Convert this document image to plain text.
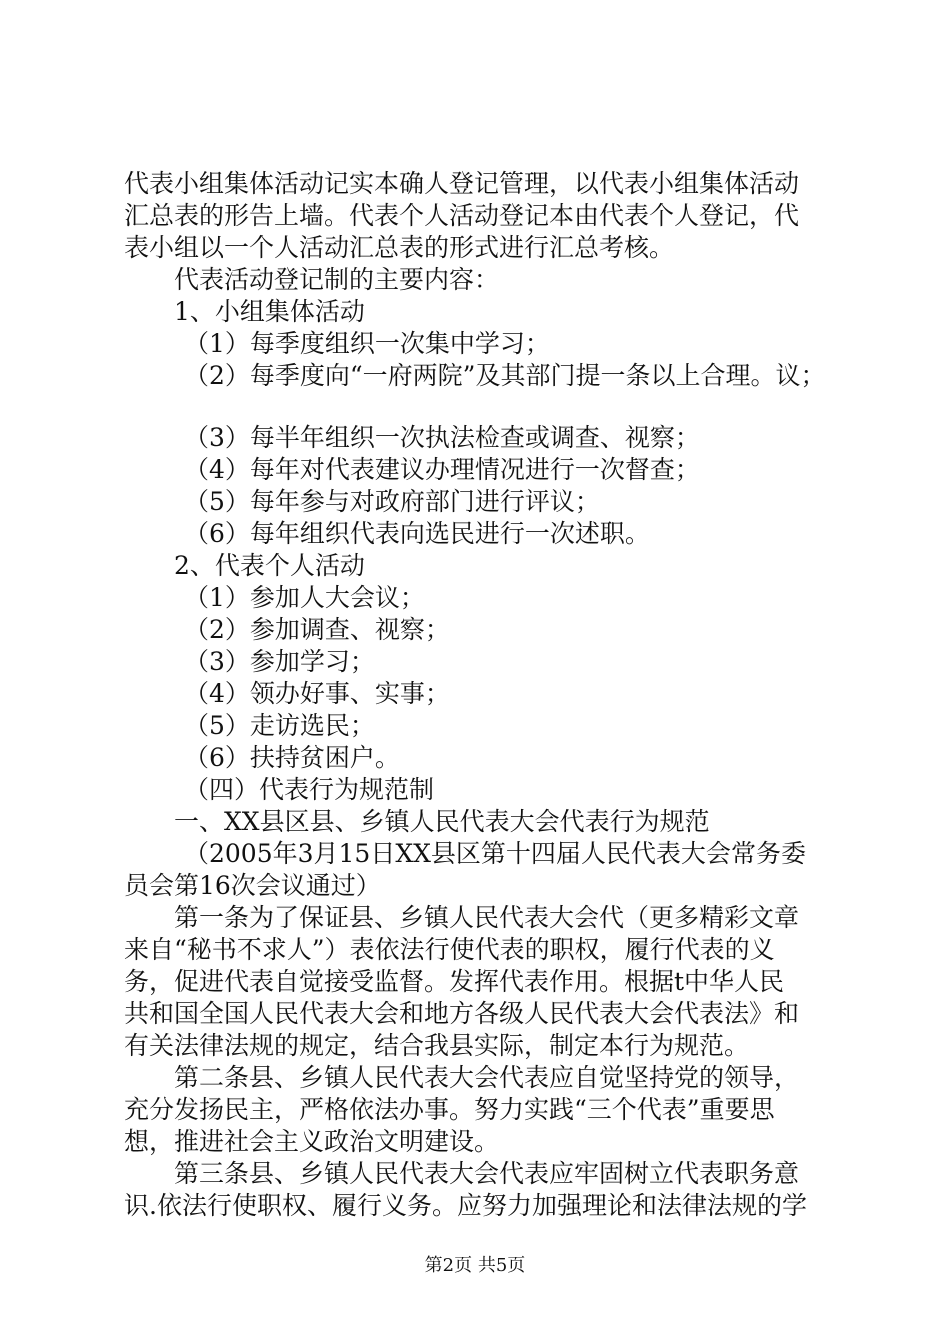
代表小组集体活动记实本确人登记管理，以代表小组集体活动
汇总表的形告上墙。代表个人活动登记本由代表个人登记，代
表小组以一个人活动汇总表的形式进行汇总考核。
代表活动登记制的主要内容：
1、小组集体活动
（1）每季度组织一次集中学习；
（2）每季度向“一府两院”及其部门提一条以上合理。议；
（3）每半年组织一次执法检查或调查、视察；
（4）每年对代表建议办理情况进行一次督查；
（5）每年参与对政府部门进行评议；
（6）每年组织代表向选民进行一次述职。
2、代表个人活动
（1）参加人大会议；
（2）参加调查、视察；
（3）参加学习；
（4）领办好事、实事；
（5）走访选民；
（6）扶持贫困户。
（四）代表行为规范制
一、XX县区县、乡镇人民代表大会代表行为规范
（2005年3月15日XX县区第十四届人民代表大会常务委
员会第16次会议通过）
第一条为了保证县、乡镇人民代表大会代（更多精彩文章
来自“秘书不求人”）表依法行使代表的职权，履行代表的义
务，促进代表自觉接受监督。发挥代表作用。根据t中华人民
共和国全国人民代表大会和地方各级人民代表大会代表法》和
有关法律法规的规定，结合我县实际，制定本行为规范。
第二条县、乡镇人民代表大会代表应自觉坚持党的领导，
充分发扬民主，严格依法办事。努力实践“三个代表”重要思
想，推进社会主义政治文明建设。
第三条县、乡镇人民代表大会代表应牢固树立代表职务意
识.依法行使职权、履行义务。应努力加强理论和法律法规的学
第2页 共5页
